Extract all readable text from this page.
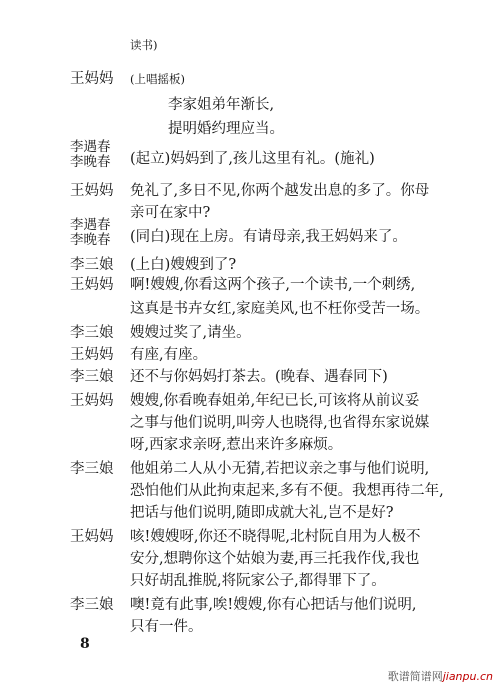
王妈妈
李遇春
李晚春
王妈妈
李遇春
李晚春
李三娘
王妈妈
李三娘
王妈妈
李三娘
王妈妈
李三娘
王妈妈
李三娘
读书)
(上唱摇板)
李家姐弟年渐长,
提明婚约理应当。
(起立)妈妈到了,孩儿这里有礼。(施礼)
免礼了,多日不见,你两个越发出息的多了。你母
亲可在家中?
(同白)现在上房。有请母亲,我王妈妈来了。
(上白)嫂嫂到了?
啊!嫂嫂,你看这两个孩子,一个读书,一个刺绣,
这真是书卉女红,家庭美风,也不枉你受苦一场。
嫂嫂过奖了,请坐。
有座,有座。
还不与你妈妈打茶去。(晚春、遇春同下)
嫂嫂,你看晚春姐弟,年纪已长,可该将从前议妥
之事与他们说明,叫旁人也晓得,也省得东家说媒
呀,西家求亲呀,惹出来许多麻烦。
他姐弟二人从小无猜,若把议亲之事与他们说明,
恐怕他们从此拘束起来,多有不便。我想再待二年,
把话与他们说明,随即成就大礼,岂不是好?
咳!嫂嫂呀,你还不晓得呢,北村阮自用为人极不
安分,想聘你这个姑娘为妻,再三托我作伐,我也
只好胡乱推脱,将阮家公子,都得罪下了。
噢!竟有此事,唉!嫂嫂,你有心把话与他们说明,
只有一件。
8
歌谱简谱网jianpu.cn
